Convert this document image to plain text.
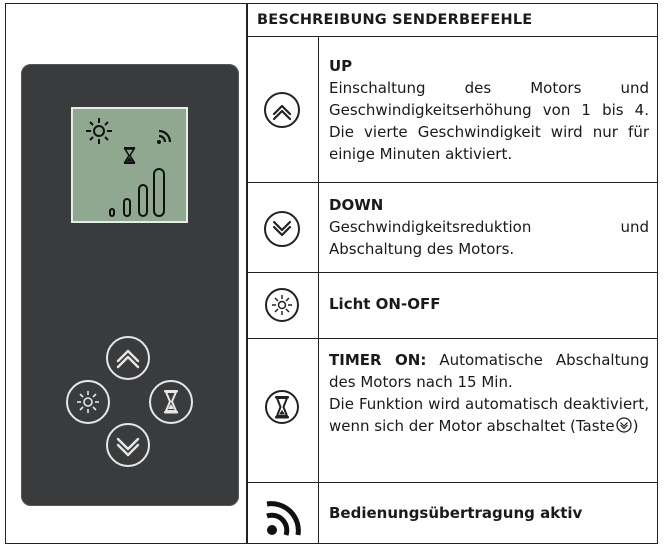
BESCHREIBUNG SENDERBEFEHLE
UP
Einschaltung des Motors und Geschwindigkeitserhöhung von 1 bis 4. Die vierte Geschwindigkeit wird nur für einige Minuten aktiviert.
DOWN
Geschwindigkeitsreduktion und Abschaltung des Motors.
Licht ON-OFF
TIMER ON: Automatische Abschaltung des Motors nach 15 Min.
Die Funktion wird automatisch deaktiviert, wenn sich der Motor abschaltet (Taste )
Bedienungsübertragung aktiv
